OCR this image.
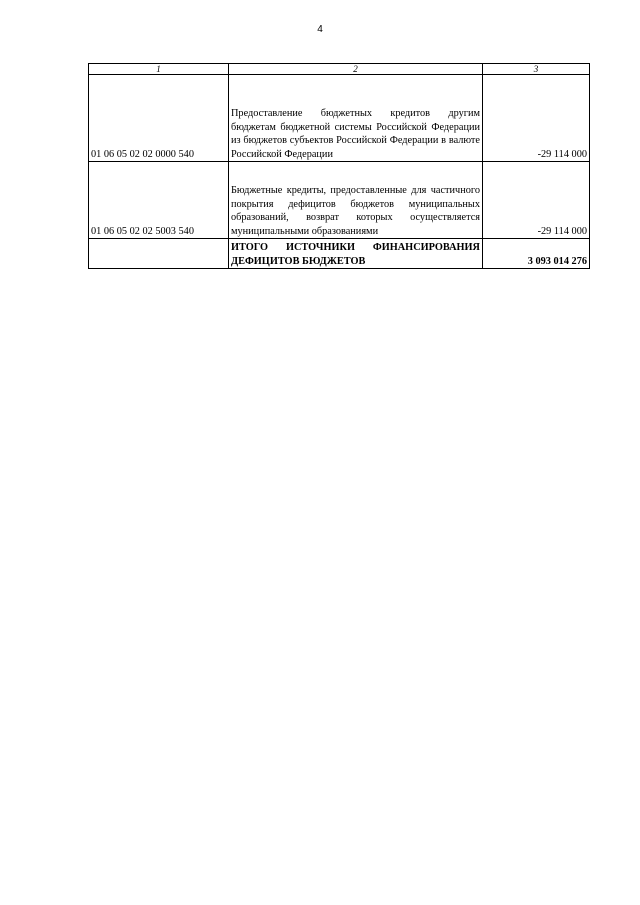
4
1	2	3
01 06 05 02 02 0000 540	Предоставление бюджетных кредитов другим бюджетам бюджетной системы Российской Федерации из бюджетов субъектов Российской Федерации в валюте Российской Федерации	-29 114 000
01 06 05 02 02 5003 540	Бюджетные кредиты, предоставленные для частичного покрытия дефицитов бюджетов муниципальных образований, возврат которых осуществляется муниципальными образованиями	-29 114 000
	ИТОГО ИСТОЧНИКИ ФИНАНСИРОВАНИЯ ДЕФИЦИТОВ БЮДЖЕТОВ	3 093 014 276
